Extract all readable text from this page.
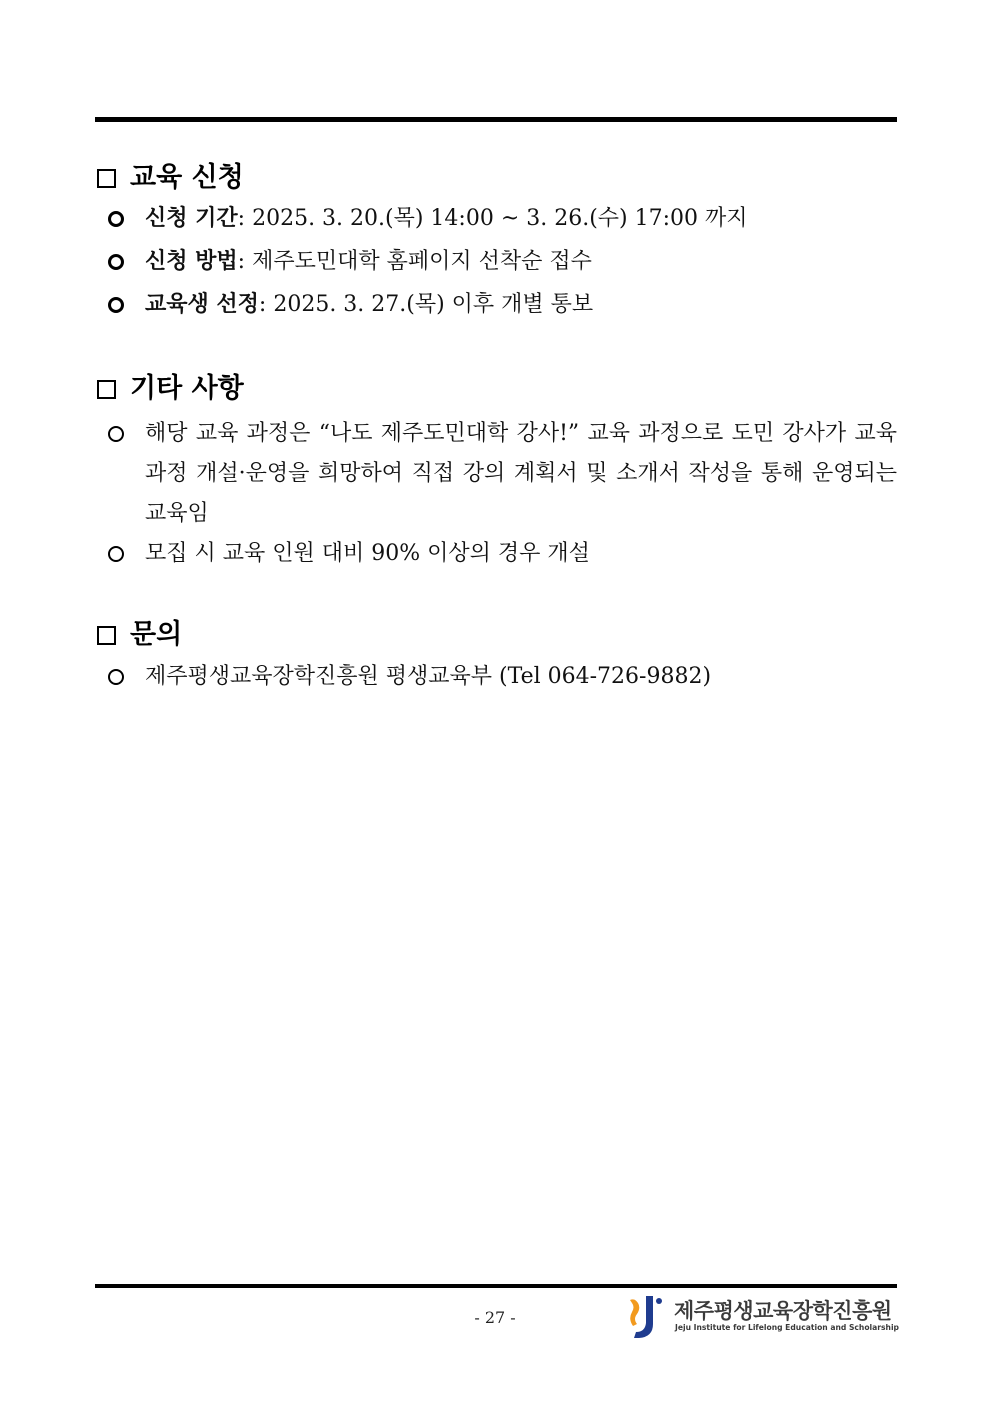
교육 신청
신청 기간: 2025. 3. 20.(목) 14:00 ~ 3. 26.(수) 17:00 까지
신청 방법: 제주도민대학 홈페이지 선착순 접수
교육생 선정: 2025. 3. 27.(목) 이후 개별 통보
기타 사항
해당 교육 과정은 “나도 제주도민대학 강사!” 교육 과정으로 도민 강사가 교육과정 개설·운영을 희망하여 직접 강의 계획서 및 소개서 작성을 통해 운영되는 교육임
모집 시 교육 인원 대비 90% 이상의 경우 개설
문의
제주평생교육장학진흥원 평생교육부 (Tel 064-726-9882)
- 27 -	제주평생교육장학진흥원
Jeju Institute for Lifelong Education and Scholarship
